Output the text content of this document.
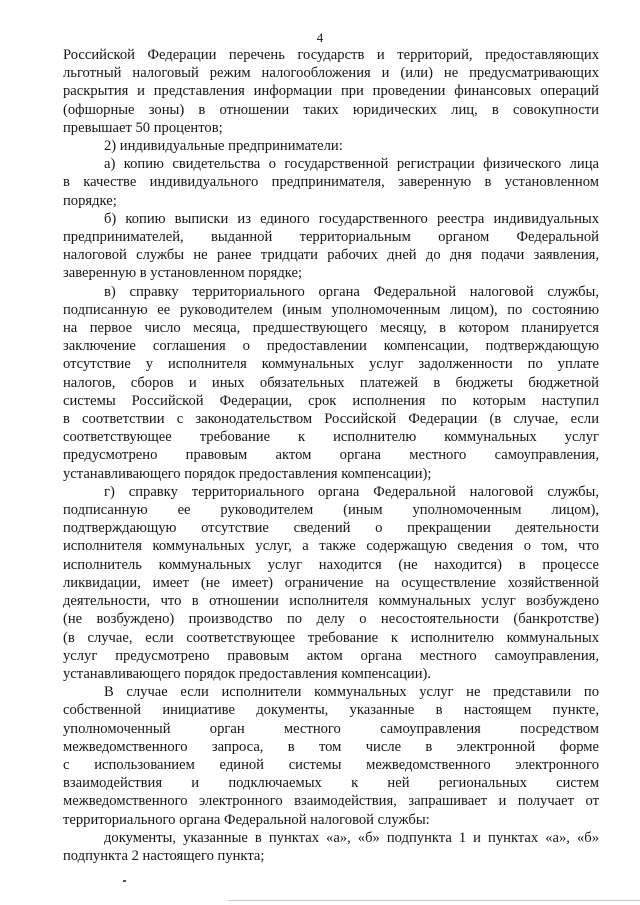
4

Российской Федерации перечень государств и территорий, предоставляющих

льготный налоговый режим налогообложения и (или) не предусматривающих

раскрытия и представления информации при проведении финансовых операций

(офшорные зоны) в отношении таких юридических лиц, в совокупности

превышает 50 процентов;

2) индивидуальные предприниматели:

а) копию свидетельства о государственной регистрации физического лица

в качестве индивидуального предпринимателя, заверенную в установленном

порядке;

б) копию выписки из единого государственного реестра индивидуальных

предпринимателей, выданной территориальным органом Федеральной

налоговой службы не ранее тридцати рабочих дней до дня подачи заявления,

заверенную в установленном порядке;

в) справку территориального органа Федеральной налоговой службы,

подписанную ее руководителем (иным уполномоченным лицом), по состоянию

на первое число месяца, предшествующего месяцу, в котором планируется

заключение соглашения о предоставлении компенсации, подтверждающую

отсутствие у исполнителя коммунальных услуг задолженности по уплате

налогов, сборов и иных обязательных платежей в бюджеты бюджетной

системы Российской Федерации, срок исполнения по которым наступил

в соответствии с законодательством Российской Федерации (в случае, если

соответствующее требование к исполнителю коммунальных услуг

предусмотрено правовым актом органа местного самоуправления,

устанавливающего порядок предоставления компенсации);

г) справку территориального органа Федеральной налоговой службы,

подписанную ее руководителем (иным уполномоченным лицом),

подтверждающую отсутствие сведений о прекращении деятельности

исполнителя коммунальных услуг, а также содержащую сведения о том, что

исполнитель коммунальных услуг находится (не находится) в процессе

ликвидации, имеет (не имеет) ограничение на осуществление хозяйственной

деятельности, что в отношении исполнителя коммунальных услуг возбуждено

(не возбуждено) производство по делу о несостоятельности (банкротстве)

(в случае, если соответствующее требование к исполнителю коммунальных

услуг предусмотрено правовым актом органа местного самоуправления,

устанавливающего порядок предоставления компенсации).

В случае если исполнители коммунальных услуг не представили по

собственной инициативе документы, указанные в настоящем пункте,

уполномоченный орган местного самоуправления посредством

межведомственного запроса, в том числе в электронной форме

с использованием единой системы межведомственного электронного

взаимодействия и подключаемых к ней региональных систем

межведомственного электронного взаимодействия, запрашивает и получает от

территориального органа Федеральной налоговой службы:

документы, указанные в пунктах «а», «б» подпункта 1 и пунктах «а», «б»

подпункта 2 настоящего пункта;
